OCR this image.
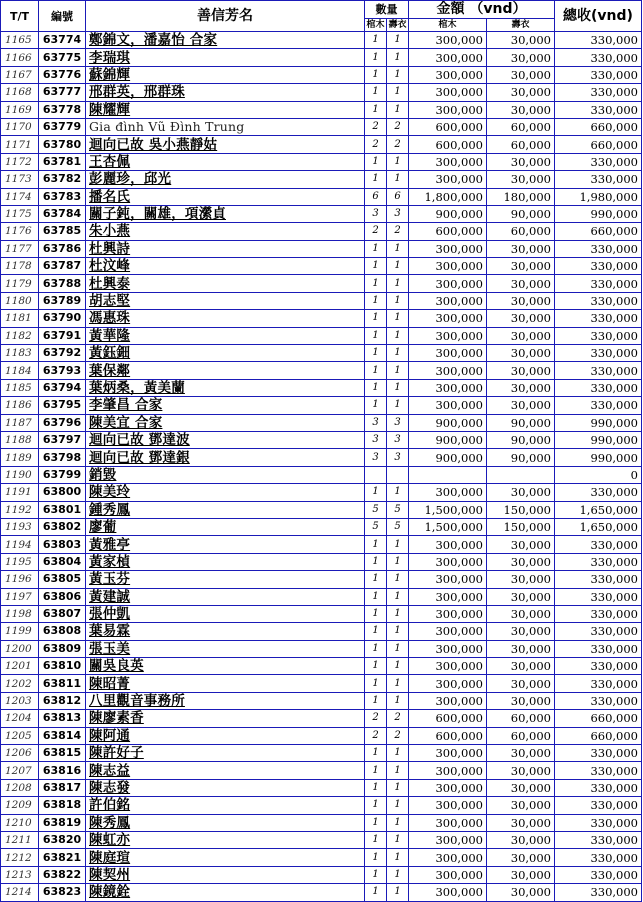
T/T	編號	善信芳名	數量		金額 （vnd）		總收(vnd)
			棺木	壽衣	棺木	壽衣	
1165	63774	鄭錦文，潘嘉怡 合家	1	1	300,000	30,000	330,000
1166	63775	李瑞琪	1	1	300,000	30,000	330,000
1167	63776	蘇錦輝	1	1	300,000	30,000	330,000
1168	63777	邢群英，邢群珠	1	1	300,000	30,000	330,000
1169	63778	陳耀輝	1	1	300,000	30,000	330,000
1170	63779	Gia đình Vũ Đình Trung	2	2	600,000	60,000	660,000
1171	63780	迴向已故 吳小燕靜姑	2	2	600,000	60,000	660,000
1172	63781	王杏佩	1	1	300,000	30,000	330,000
1173	63782	彭麗珍，邱光	1	1	300,000	30,000	330,000
1174	63783	播名氏	6	6	1,800,000	180,000	1,980,000
1175	63784	關子鈍，關雄，項瀠貞	3	3	900,000	90,000	990,000
1176	63785	朱小燕	2	2	600,000	60,000	660,000
1177	63786	杜興詩	1	1	300,000	30,000	330,000
1178	63787	杜汶峰	1	1	300,000	30,000	330,000
1179	63788	杜興泰	1	1	300,000	30,000	330,000
1180	63789	胡志堅	1	1	300,000	30,000	330,000
1181	63790	馮惠珠	1	1	300,000	30,000	330,000
1182	63791	黃華隆	1	1	300,000	30,000	330,000
1183	63792	黃鈺鈿	1	1	300,000	30,000	330,000
1184	63793	葉保鄰	1	1	300,000	30,000	330,000
1185	63794	葉炳桑，黃美蘭	1	1	300,000	30,000	330,000
1186	63795	李肇昌 合家	1	1	300,000	30,000	330,000
1187	63796	陳美宜 合家	3	3	900,000	90,000	990,000
1188	63797	迴向已故 鄧達波	3	3	900,000	90,000	990,000
1189	63798	迴向已故 鄧達銀	3	3	900,000	90,000	990,000
1190	63799	銷毀					0
1191	63800	陳美玲	1	1	300,000	30,000	330,000
1192	63801	鍾秀鳳	5	5	1,500,000	150,000	1,650,000
1193	63802	廖葡	5	5	1,500,000	150,000	1,650,000
1194	63803	黃雅亭	1	1	300,000	30,000	330,000
1195	63804	黃家楨	1	1	300,000	30,000	330,000
1196	63805	黃玉芬	1	1	300,000	30,000	330,000
1197	63806	黃建誠	1	1	300,000	30,000	330,000
1198	63807	張仲凱	1	1	300,000	30,000	330,000
1199	63808	葉易霖	1	1	300,000	30,000	330,000
1200	63809	張玉美	1	1	300,000	30,000	330,000
1201	63810	關吳良英	1	1	300,000	30,000	330,000
1202	63811	陳昭菁	1	1	300,000	30,000	330,000
1203	63812	八里觀音事務所	1	1	300,000	30,000	330,000
1204	63813	陳廖素香	2	2	600,000	60,000	660,000
1205	63814	陳阿通	2	2	600,000	60,000	660,000
1206	63815	陳許好子	1	1	300,000	30,000	330,000
1207	63816	陳志益	1	1	300,000	30,000	330,000
1208	63817	陳志發	1	1	300,000	30,000	330,000
1209	63818	許伯銘	1	1	300,000	30,000	330,000
1210	63819	陳秀鳳	1	1	300,000	30,000	330,000
1211	63820	陳虹亦	1	1	300,000	30,000	330,000
1212	63821	陳庭瑄	1	1	300,000	30,000	330,000
1213	63822	陳契州	1	1	300,000	30,000	330,000
1214	63823	陳鏡銓	1	1	300,000	30,000	330,000
